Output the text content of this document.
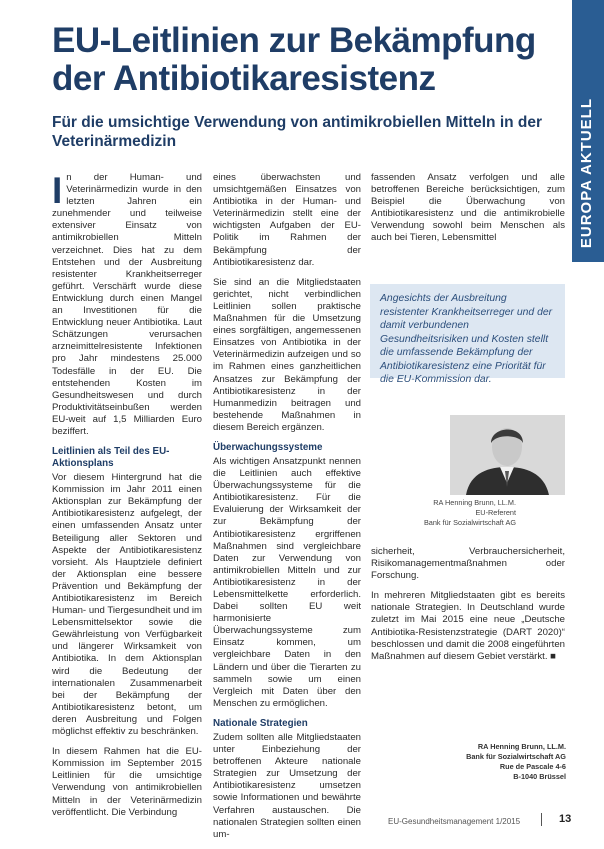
EU-Leitlinien zur Bekämpfung der Antibiotikaresistenz
Für die umsichtige Verwendung von antimikrobiellen Mitteln in der Veterinärmedizin	EUROPA AKTUELL

I n der Human- und Veterinärmedizin wurde in den letzten Jahren ein zunehmender und teilweise extensiver Einsatz von antimikrobiellen Mitteln verzeichnet. Dies hat zu dem Entstehen und der Ausbreitung resistenter Krankheitserreger geführt. Verschärft wurde diese Entwicklung durch einen Mangel an Investitionen für die Entwicklung neuer Antibiotika. Laut Schätzungen verursachen arzneimittelresistente Infektionen pro Jahr mindestens 25.000 Todesfälle in der EU. Die entstehenden Kosten im Gesundheitswesen und durch Produktivitätseinbußen werden EU-weit auf 1,5 Milliarden Euro beziffert.

Leitlinien als Teil des EU-Aktionsplans

Vor diesem Hintergrund hat die Kommission im Jahr 2011 einen Aktionsplan zur Bekämpfung der Antibiotikaresistenz aufgelegt, der einen umfassenden Ansatz unter Beteiligung aller Sektoren und Aspekte der Antibiotikaresistenz vorsieht. Als Hauptziele definiert der Aktionsplan eine bessere Prävention und Bekämpfung der Antibiotikaresistenz im Bereich Human- und Tiergesundheit und im Lebensmittelsektor sowie die Gewährleistung von Verfügbarkeit und längerer Wirksamkeit von Antibiotika. In dem Aktionsplan wird die Bedeutung der internationalen Zusammenarbeit bei der Bekämpfung der Antibiotikaresistenz betont, um deren Ausbreitung und Folgen möglichst effektiv zu beschränken.

In diesem Rahmen hat die EU-Kommission im September 2015 Leitlinien für die umsichtige Verwendung von antimikrobiellen Mitteln in der Veterinärmedizin veröffentlicht. Die Verbindung

eines überwachsten und umsichtgemäßen Einsatzes von Antibiotika in der Human- und Veterinärmedizin stellt eine der wichtigsten Aufgaben der EU-Politik im Rahmen der Bekämpfung der Antibiotikaresistenz dar.

Sie sind an die Mitgliedstaaten gerichtet, nicht verbindlichen Leitlinien sollen praktische Maßnahmen für die Umsetzung eines sorgfältigen, angemessenen Einsatzes von Antibiotika in der Veterinärmedizin aufzeigen und so im Rahmen eines ganzheitlichen Ansatzes zur Bekämpfung der Antibiotikaresistenz in der Humanmedizin beitragen und bestehende Maßnahmen in diesem Bereich ergänzen.

Überwachungssysteme

Als wichtigen Ansatzpunkt nennen die Leitlinien auch effektive Überwachungssysteme für die Antibiotikaresistenz. Für die Evaluierung der Wirksamkeit der zur Bekämpfung der Antibiotikaresistenz ergriffenen Maßnahmen sind vergleichbare Daten zur Verwendung von antimikrobiellen Mitteln und zur Antibiotikaresistenz in der Lebensmittelkette erforderlich. Dabei sollten EU weit harmonisierte Überwachungssysteme zum Einsatz kommen, um vergleichbare Daten in den Ländern und über die Tierarten zu sammeln sowie um einen Vergleich mit Daten über den Menschen zu ermöglichen.

Nationale Strategien

Zudem sollten alle Mitgliedstaaten unter Einbeziehung der betroffenen Akteure nationale Strategien zur Umsetzung der Antibiotikaresistenz umsetzen sowie Informationen und bewährte Verfahren austauschen. Die nationalen Strategien sollten einen um-

fassenden Ansatz verfolgen und alle betroffenen Bereiche berücksichtigen, zum Beispiel die Überwachung von Antibiotikaresistenz und die antimikrobielle Verwendung sowohl beim Menschen als auch bei Tieren, Lebensmittel

Angesichts der Ausbreitung resistenter Krankheitserreger und der damit verbundenen Gesundheitsrisiken und Kosten stellt die umfassende Bekämpfung der Antibiotikaresistenz eine Priorität für die EU-Kommission dar.

RA Henning Brunn, LL.M.
EU-Referent
Bank für Sozialwirtschaft AG

sicherheit, Verbrauchersicherheit, Risikomanagementmaßnahmen oder Forschung.

In mehreren Mitgliedstaaten gibt es bereits nationale Strategien. In Deutschland wurde zuletzt im Mai 2015 eine neue „Deutsche Antibiotika-Resistenzstrategie (DART 2020)“ beschlossen und damit die 2008 eingeführten Maßnahmen auf diesem Gebiet verstärkt. ■

RA Henning Brunn, LL.M.
Bank für Sozialwirtschaft AG
Rue de Pascale 4-6
B-1040 Brüssel
EU-Gesundheitsmanagement 1/2015	13
